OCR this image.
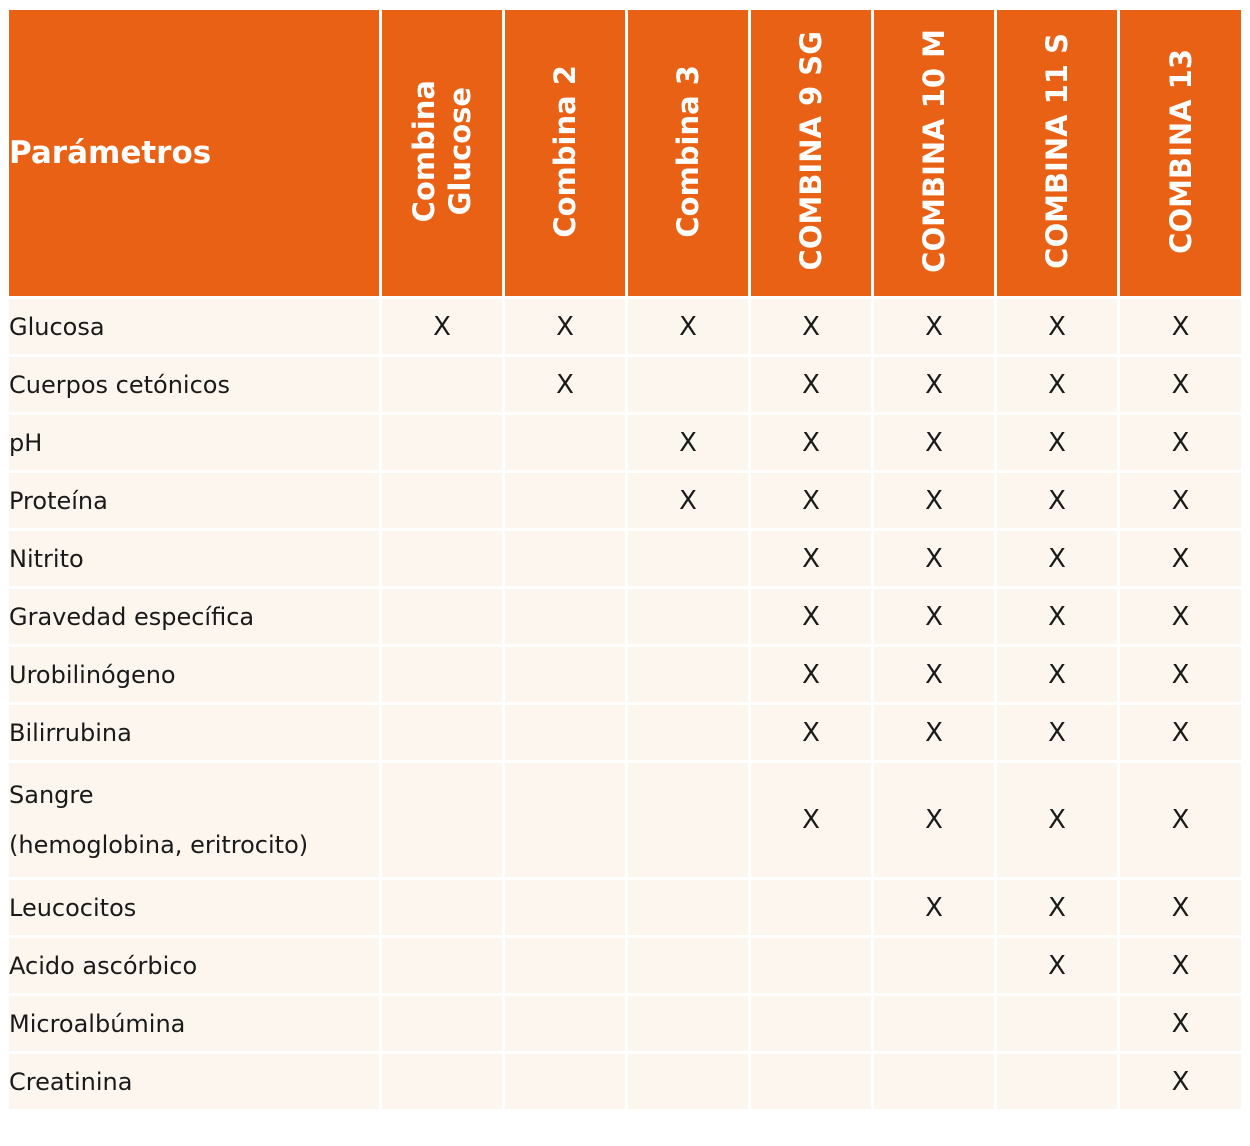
Parámetros	Combina Glucose	Combina 2	Combina 3	COMBINA 9 SG	COMBINA 10 M	COMBINA 11 S	COMBINA 13

Glucosa	X	X	X	X	X	X	X
Cuerpos cetónicos		X		X	X	X	X
pH			X	X	X	X	X
Proteína			X	X	X	X	X
Nitrito				X	X	X	X
Gravedad específica				X	X	X	X
Urobilinógeno				X	X	X	X
Bilirrubina				X	X	X	X

Sangre
(hemoglobina, eritrocito)				X	X	X	X
Leucocitos					X	X	X
Acido ascórbico						X	X
Microalbúmina							X
Creatinina							X
